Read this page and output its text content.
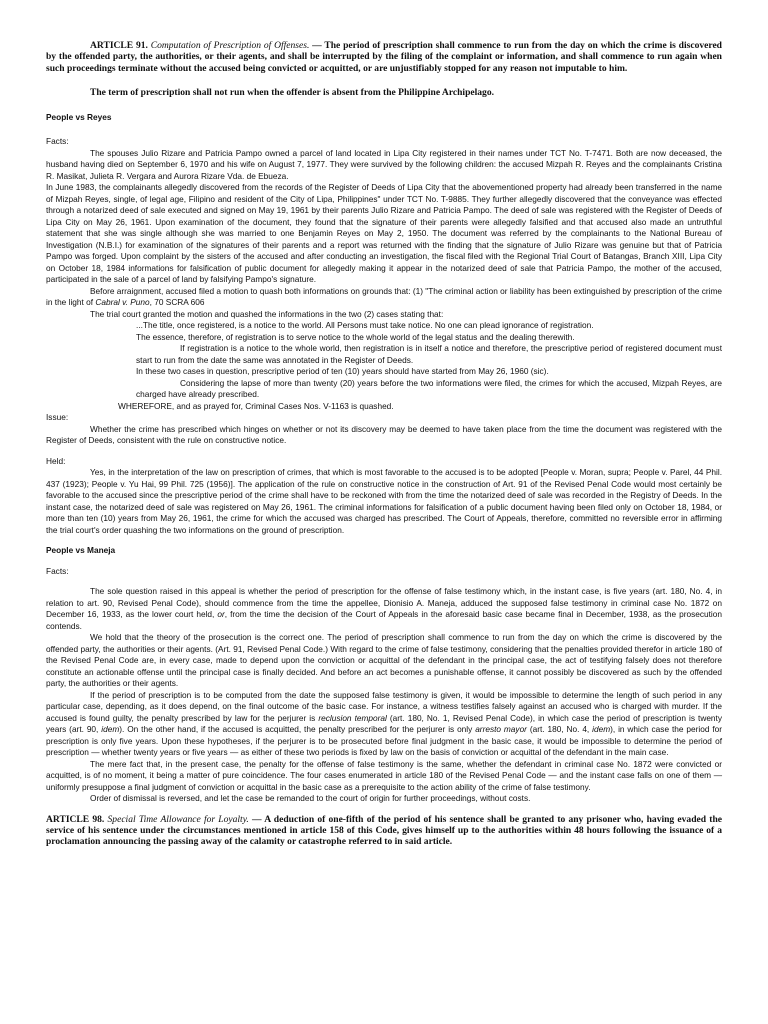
ARTICLE 91. Computation of Prescription of Offenses. — The period of prescription shall commence to run from the day on which the crime is discovered by the offended party, the authorities, or their agents, and shall be interrupted by the filing of the complaint or information, and shall commence to run again when such proceedings terminate without the accused being convicted or acquitted, or are unjustifiably stopped for any reason not imputable to him.

The term of prescription shall not run when the offender is absent from the Philippine Archipelago.

People vs Reyes

Facts:

The spouses Julio Rizare and Patricia Pampo owned a parcel of land located in Lipa City registered in their names under TCT No. T-7471. Both are now deceased, the husband having died on September 6, 1970 and his wife on August 7, 1977. They were survived by the following children: the accused Mizpah R. Reyes and the complainants Cristina R. Masikat, Julieta R. Vergara and Aurora Rizare Vda. de Ebueza.

In June 1983, the complainants allegedly discovered from the records of the Register of Deeds of Lipa City that the abovementioned property had already been transferred in the name of Mizpah Reyes, single, of legal age, Filipino and resident of the City of Lipa, Philippines" under TCT No. T-9885. They further allegedly discovered that the conveyance was effected through a notarized deed of sale executed and signed on May 19, 1961 by their parents Julio Rizare and Patricia Pampo. The deed of sale was registered with the Register of Deeds of Lipa City on May 26, 1961. Upon examination of the document, they found that the signature of their parents were allegedly falsified and that accused also made an untruthful statement that she was single although she was married to one Benjamin Reyes on May 2, 1950. The document was referred by the complainants to the National Bureau of Investigation (N.B.I.) for examination of the signatures of their parents and a report was returned with the finding that the signature of Julio Rizare was genuine but that of Patricia Pampo was forged. Upon complaint by the sisters of the accused and after conducting an investigation, the fiscal filed with the Regional Trial Court of Batangas, Branch XIII, Lipa City on October 18, 1984 informations for falsification of public document for allegedly making it appear in the notarized deed of sale that Patricia Pampo, the mother of the accused, participated in the sale of a parcel of land by falsifying Pampo's signature.

Before arraignment, accused filed a motion to quash both informations on grounds that: (1) "The criminal action or liability has been extinguished by prescription of the crime in the light of Cabral v. Puno, 70 SCRA 606

The trial court granted the motion and quashed the informations in the two (2) cases stating that:

...The title, once registered, is a notice to the world. All Persons must take notice. No one can plead ignorance of registration.

The essence, therefore, of registration is to serve notice to the whole world of the legal status and the dealing therewith.

If registration is a notice to the whole world, then registration is in itself a notice and therefore, the prescriptive period of registered document must start to run from the date the same was annotated in the Register of Deeds.

In these two cases in question, prescriptive period of ten (10) years should have started from May 26, 1960 (sic).

Considering the lapse of more than twenty (20) years before the two informations were filed, the crimes for which the accused, Mizpah Reyes, are charged have already prescribed.

WHEREFORE, and as prayed for, Criminal Cases Nos. V-1163 is quashed.

Issue:

Whether the crime has prescribed which hinges on whether or not its discovery may be deemed to have taken place from the time the document was registered with the Register of Deeds, consistent with the rule on constructive notice.

Held:

Yes, in the interpretation of the law on prescription of crimes, that which is most favorable to the accused is to be adopted [People v. Moran, supra; People v. Parel, 44 Phil. 437 (1923); People v. Yu Hai, 99 Phil. 725 (1956)]. The application of the rule on constructive notice in the construction of Art. 91 of the Revised Penal Code would most certainly be favorable to the accused since the prescriptive period of the crime shall have to be reckoned with from the time the notarized deed of sale was recorded in the Registry of Deeds. In the instant case, the notarized deed of sale was registered on May 26, 1961. The criminal informations for falsification of a public document having been filed only on October 18, 1984, or more than ten (10) years from May 26, 1961, the crime for which the accused was charged has prescribed. The Court of Appeals, therefore, committed no reversible error in affirming the trial court's order quashing the two informations on the ground of prescription.

People vs Maneja

Facts:

The sole question raised in this appeal is whether the period of prescription for the offense of false testimony which, in the instant case, is five years (art. 180, No. 4, in relation to art. 90, Revised Penal Code), should commence from the time the appellee, Dionisio A. Maneja, adduced the supposed false testimony in criminal case No. 1872 on December 16, 1933, as the lower court held, or, from the time the decision of the Court of Appeals in the aforesaid basic case became final in December, 1938, as the prosecution contends.

We hold that the theory of the prosecution is the correct one. The period of prescription shall commence to run from the day on which the crime is discovered by the offended party, the authorities or their agents. (Art. 91, Revised Penal Code.) With regard to the crime of false testimony, considering that the penalties provided therefor in article 180 of the Revised Penal Code are, in every case, made to depend upon the conviction or acquittal of the defendant in the principal case, the act of testifying falsely does not therefore constitute an actionable offense until the principal case is finally decided. And before an act becomes a punishable offense, it cannot possibly be discovered as such by the offended party, the authorities or their agents.

If the period of prescription is to be computed from the date the supposed false testimony is given, it would be impossible to determine the length of such period in any particular case, depending, as it does depend, on the final outcome of the basic case. For instance, a witness testifies falsely against an accused who is charged with murder. If the accused is found guilty, the penalty prescribed by law for the perjurer is reclusion temporal (art. 180, No. 1, Revised Penal Code), in which case the period of prescription is twenty years (art. 90, idem). On the other hand, if the accused is acquitted, the penalty prescribed for the perjurer is only arresto mayor (art. 180, No. 4, idem), in which case the period for prescription is only five years. Upon these hypotheses, if the perjurer is to be prosecuted before final judgment in the basic case, it would be impossible to determine the period of prescription — whether twenty years or five years — as either of these two periods is fixed by law on the basis of conviction or acquittal of the defendant in the main case.

The mere fact that, in the present case, the penalty for the offense of false testimony is the same, whether the defendant in criminal case No. 1872 were convicted or acquitted, is of no moment, it being a matter of pure coincidence. The four cases enumerated in article 180 of the Revised Penal Code — and the instant case falls on one of them — uniformly presuppose a final judgment of conviction or acquittal in the basic case as a prerequisite to the action ability of the crime of false testimony.

Order of dismissal is reversed, and let the case be remanded to the court of origin for further proceedings, without costs.

ARTICLE 98. Special Time Allowance for Loyalty. — A deduction of one-fifth of the period of his sentence shall be granted to any prisoner who, having evaded the service of his sentence under the circumstances mentioned in article 158 of this Code, gives himself up to the authorities within 48 hours following the issuance of a proclamation announcing the passing away of the calamity or catastrophe referred to in said article.
